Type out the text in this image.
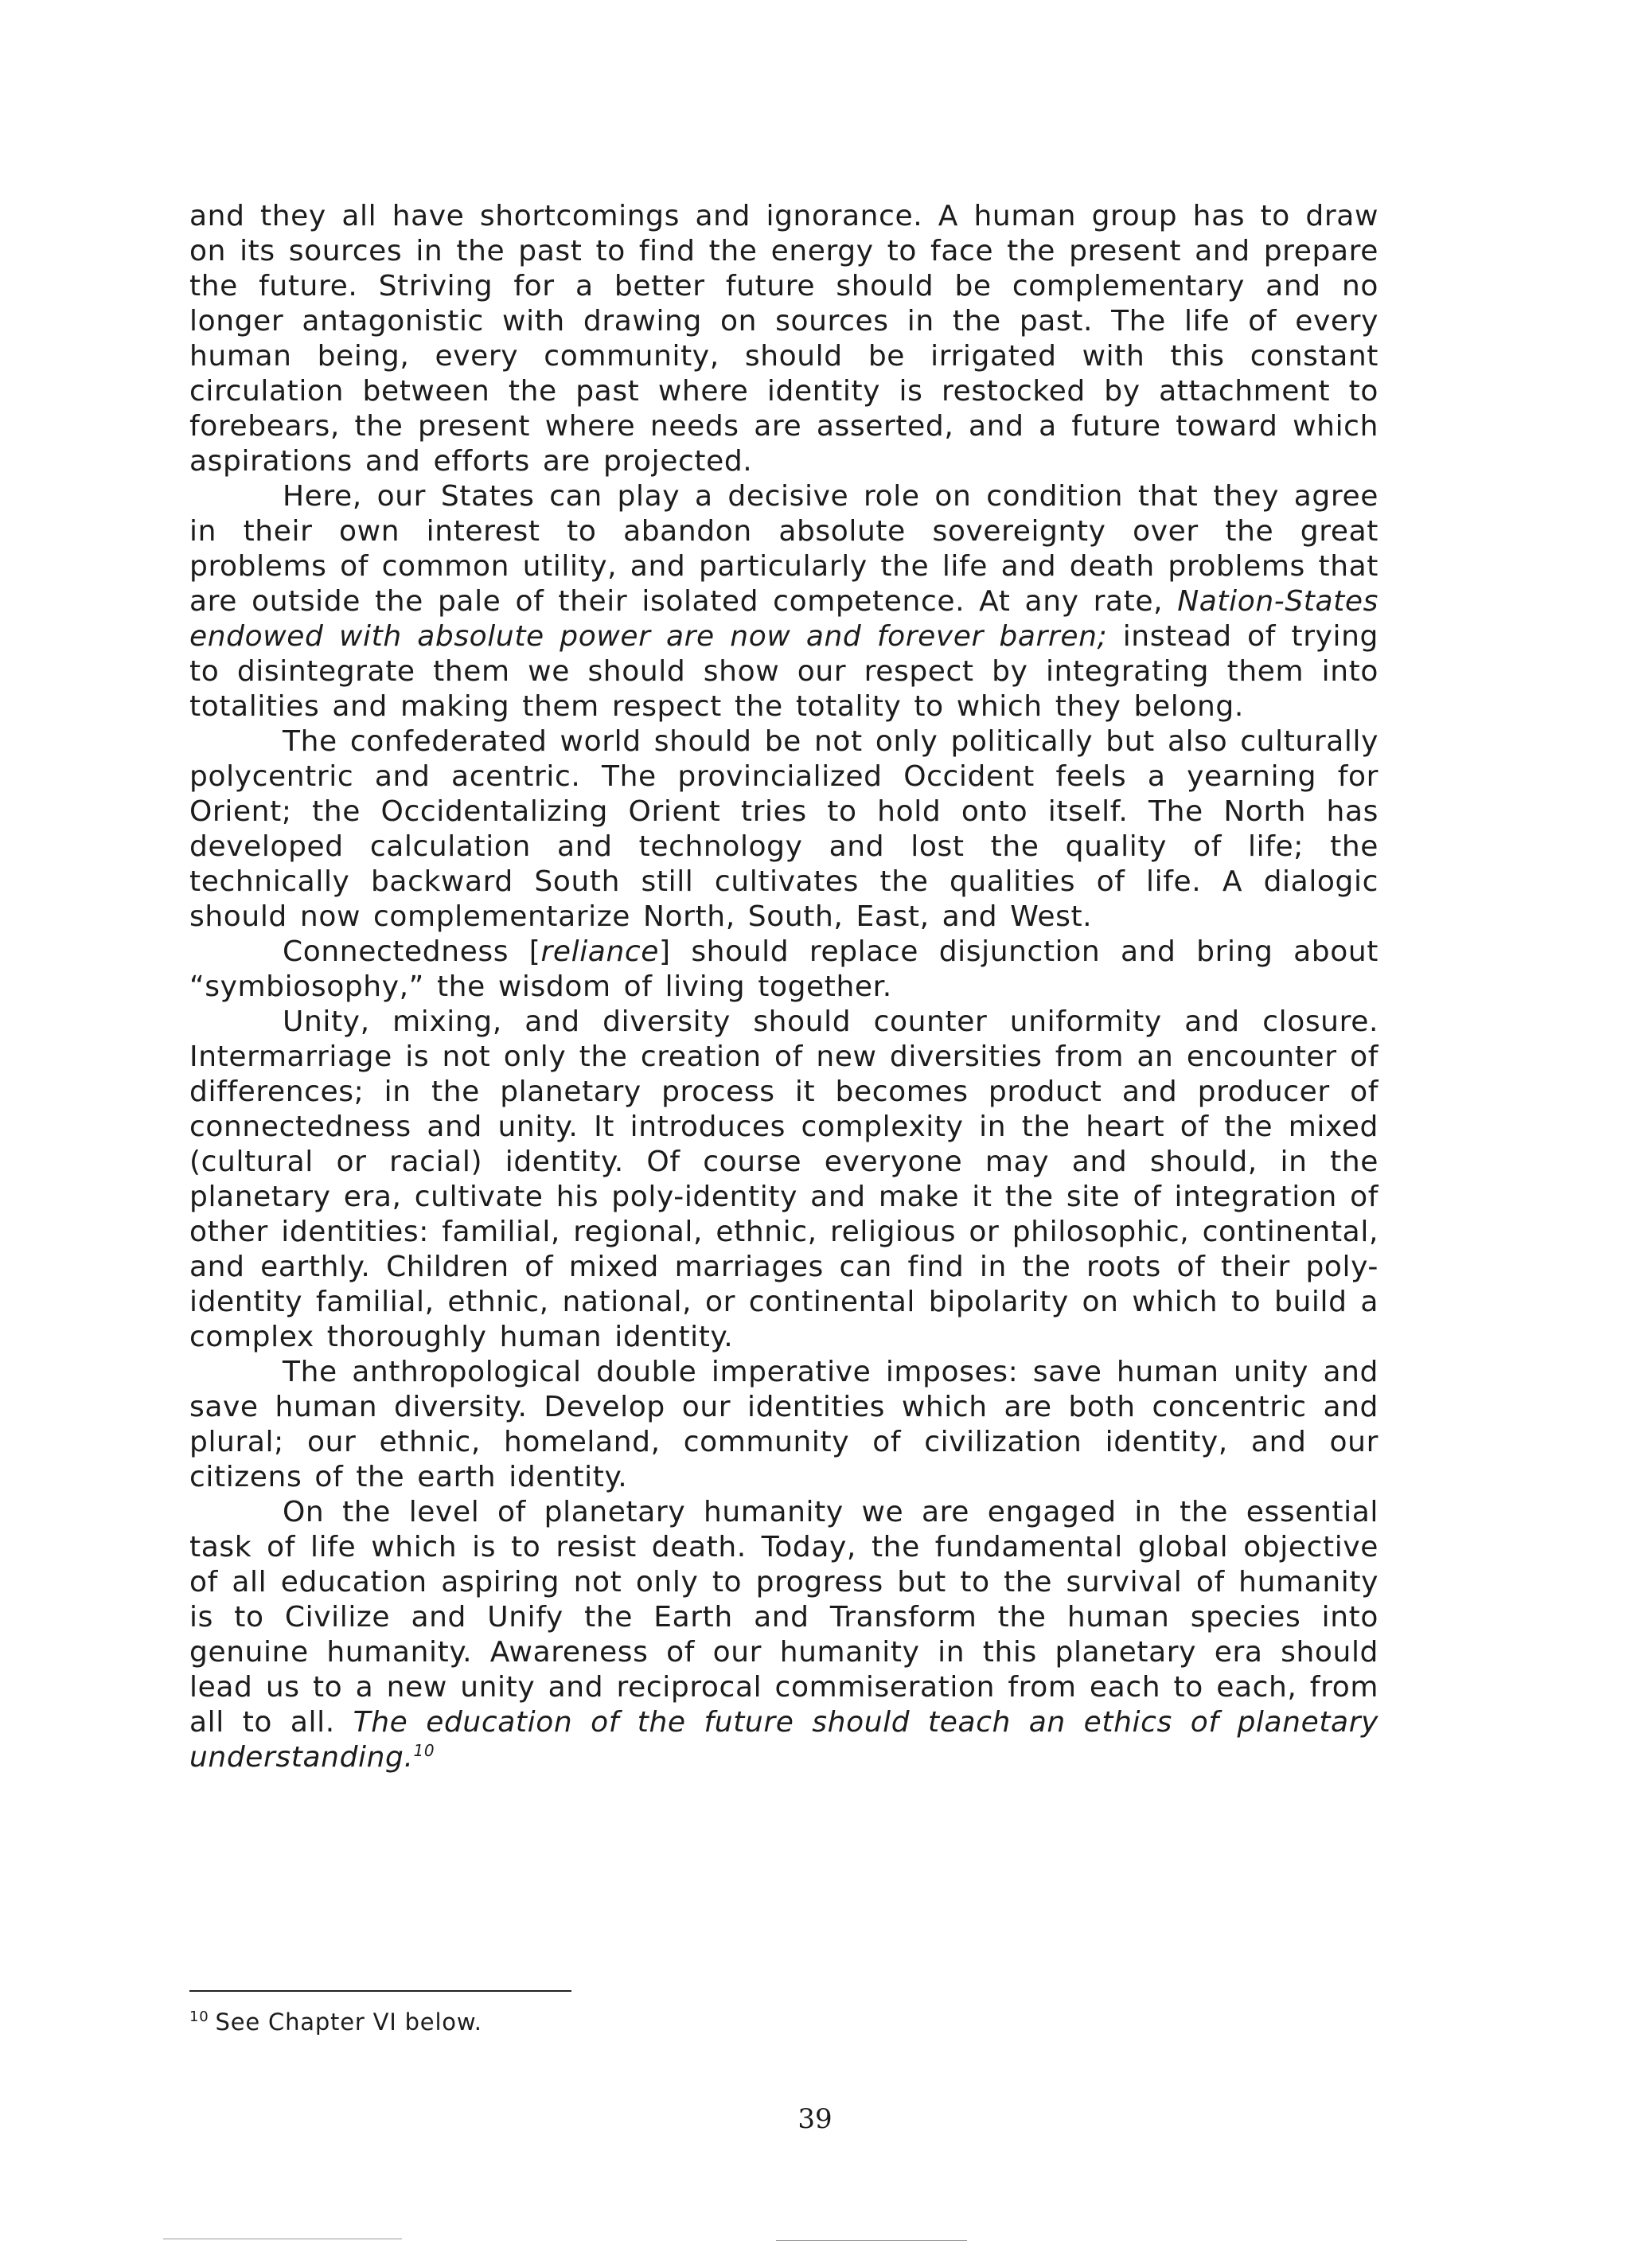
and they all have shortcomings and ignorance. A human group has to draw on its sources in the past to find the energy to face the present and prepare the future. Striving for a better future should be complementary and no longer antagonistic with drawing on sources in the past. The life of every human being, every community, should be irrigated with this constant circulation between the past where identity is restocked by attachment to forebears, the present where needs are asserted, and a future toward which aspirations and efforts are projected.

Here, our States can play a decisive role on condition that they agree in their own interest to abandon absolute sovereignty over the great problems of common utility, and particularly the life and death problems that are outside the pale of their isolated competence. At any rate, Nation-States endowed with absolute power are now and forever barren; instead of trying to disintegrate them we should show our respect by integrating them into totalities and making them respect the totality to which they belong.

The confederated world should be not only politically but also culturally polycentric and acentric. The provincialized Occident feels a yearning for Orient; the Occidentalizing Orient tries to hold onto itself. The North has developed calculation and technology and lost the quality of life; the technically backward South still cultivates the qualities of life. A dialogic should now complementarize North, South, East, and West.

Connectedness [reliance] should replace disjunction and bring about “symbiosophy,” the wisdom of living together.

Unity, mixing, and diversity should counter uniformity and closure. Intermarriage is not only the creation of new diversities from an encounter of differences; in the planetary process it becomes product and producer of connectedness and unity. It introduces complexity in the heart of the mixed (cultural or racial) identity. Of course everyone may and should, in the planetary era, cultivate his poly-identity and make it the site of integration of other identities: familial, regional, ethnic, religious or philosophic, continental, and earthly. Children of mixed marriages can find in the roots of their poly-identity familial, ethnic, national, or continental bipolarity on which to build a complex thoroughly human identity.

The anthropological double imperative imposes: save human unity and save human diversity. Develop our identities which are both concentric and plural; our ethnic, homeland, community of civilization identity, and our citizens of the earth identity.

On the level of planetary humanity we are engaged in the essential task of life which is to resist death. Today, the fundamental global objective of all education aspiring not only to progress but to the survival of humanity is to Civilize and Unify the Earth and Transform the human species into genuine humanity. Awareness of our humanity in this planetary era should lead us to a new unity and reciprocal commiseration from each to each, from all to all. The education of the future should teach an ethics of planetary understanding.$^{10}$

$^{10}$ See Chapter VI below.
39
